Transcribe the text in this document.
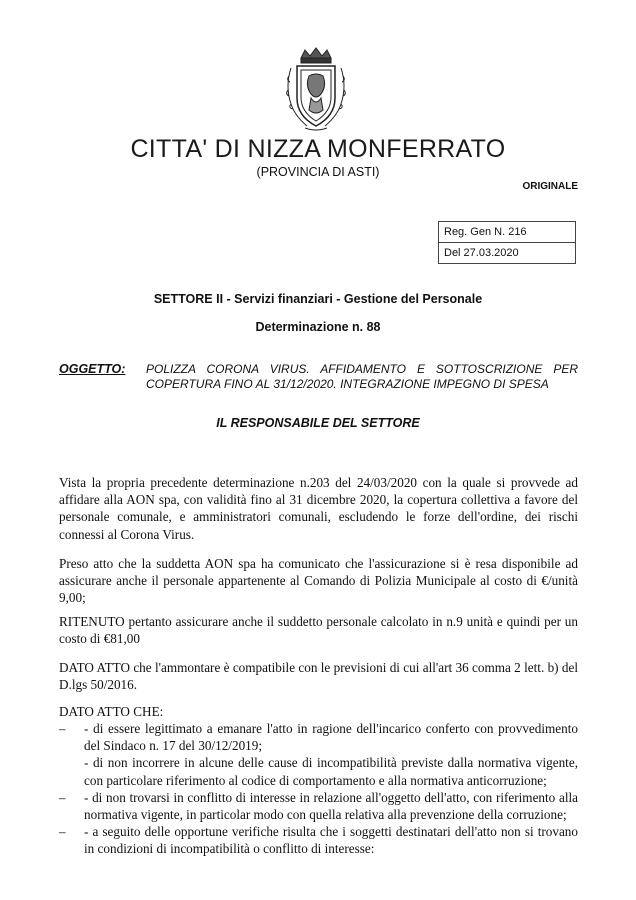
CITTA' DI NIZZA MONFERRATO
(PROVINCIA DI ASTI)
ORIGINALE
Reg. Gen N. 216
Del 27.03.2020
SETTORE II - Servizi finanziari - Gestione del Personale
Determinazione n. 88
OGGETTO: POLIZZA CORONA VIRUS. AFFIDAMENTO E SOTTOSCRIZIONE PER COPERTURA FINO AL 31/12/2020. INTEGRAZIONE IMPEGNO DI SPESA
IL RESPONSABILE DEL SETTORE

Vista la propria precedente determinazione n.203 del 24/03/2020 con la quale si provvede ad affidare alla AON spa, con validità fino al 31 dicembre 2020, la copertura collettiva a favore del personale comunale, e amministratori comunali, escludendo le forze dell'ordine, dei rischi connessi al Corona Virus.

Preso atto che la suddetta AON spa ha comunicato che l'assicurazione si è resa disponibile ad assicurare anche il personale appartenente al Comando di Polizia Municipale al costo di €/unità 9,00;

RITENUTO pertanto assicurare anche il suddetto personale calcolato in n.9 unità e quindi per un costo di €81,00

DATO ATTO che l'ammontare è compatibile con le previsioni di cui all'art 36 comma 2 lett. b) del D.lgs 50/2016.

DATO ATTO CHE:

– - di essere legittimato a emanare l'atto in ragione dell'incarico conferto con provvedimento del Sindaco n. 17 del 30/12/2019;
- di non incorrere in alcune delle cause di incompatibilità previste dalla normativa vigente, con particolare riferimento al codice di comportamento e alla normativa anticorruzione;
– - di non trovarsi in conflitto di interesse in relazione all'oggetto dell'atto, con riferimento alla normativa vigente, in particolar modo con quella relativa alla prevenzione della corruzione;
– - a seguito delle opportune verifiche risulta che i soggetti destinatari dell'atto non si trovano in condizioni di incompatibilità o conflitto di interesse:
